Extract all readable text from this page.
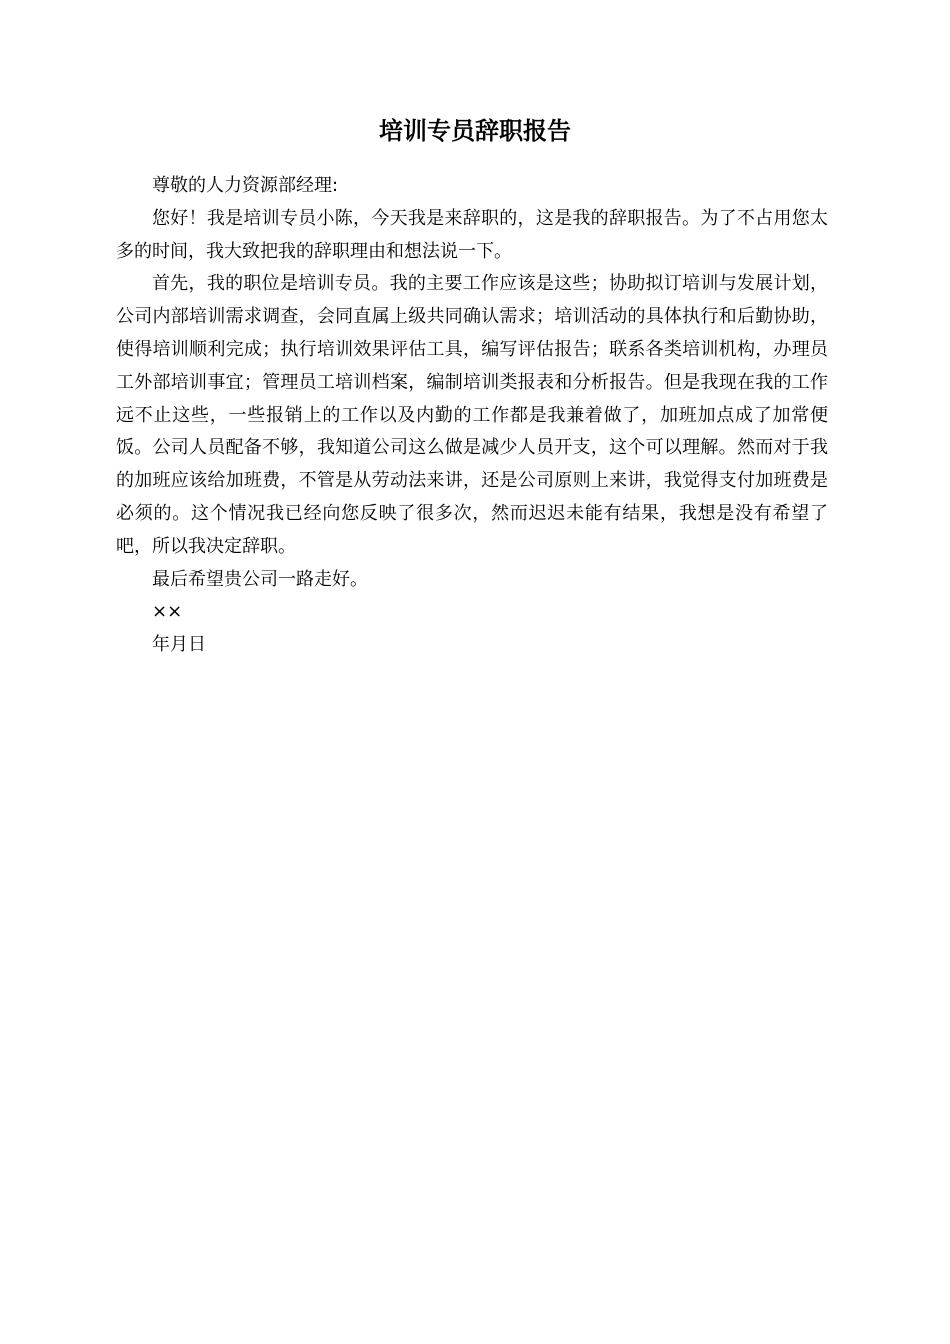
培训专员辞职报告

尊敬的人力资源部经理:

您好！我是培训专员小陈，今天我是来辞职的，这是我的辞职报告。为了不占用您太多的时间，我大致把我的辞职理由和想法说一下。

首先，我的职位是培训专员。我的主要工作应该是这些；协助拟订培训与发展计划，公司内部培训需求调查，会同直属上级共同确认需求；培训活动的具体执行和后勤协助，使得培训顺利完成；执行培训效果评估工具，编写评估报告；联系各类培训机构，办理员工外部培训事宜；管理员工培训档案，编制培训类报表和分析报告。但是我现在我的工作远不止这些，一些报销上的工作以及内勤的工作都是我兼着做了，加班加点成了加常便饭。公司人员配备不够，我知道公司这么做是减少人员开支，这个可以理解。然而对于我的加班应该给加班费，不管是从劳动法来讲，还是公司原则上来讲，我觉得支付加班费是必须的。这个情况我已经向您反映了很多次，然而迟迟未能有结果，我想是没有希望了吧，所以我决定辞职。

最后希望贵公司一路走好。

××

年月日
